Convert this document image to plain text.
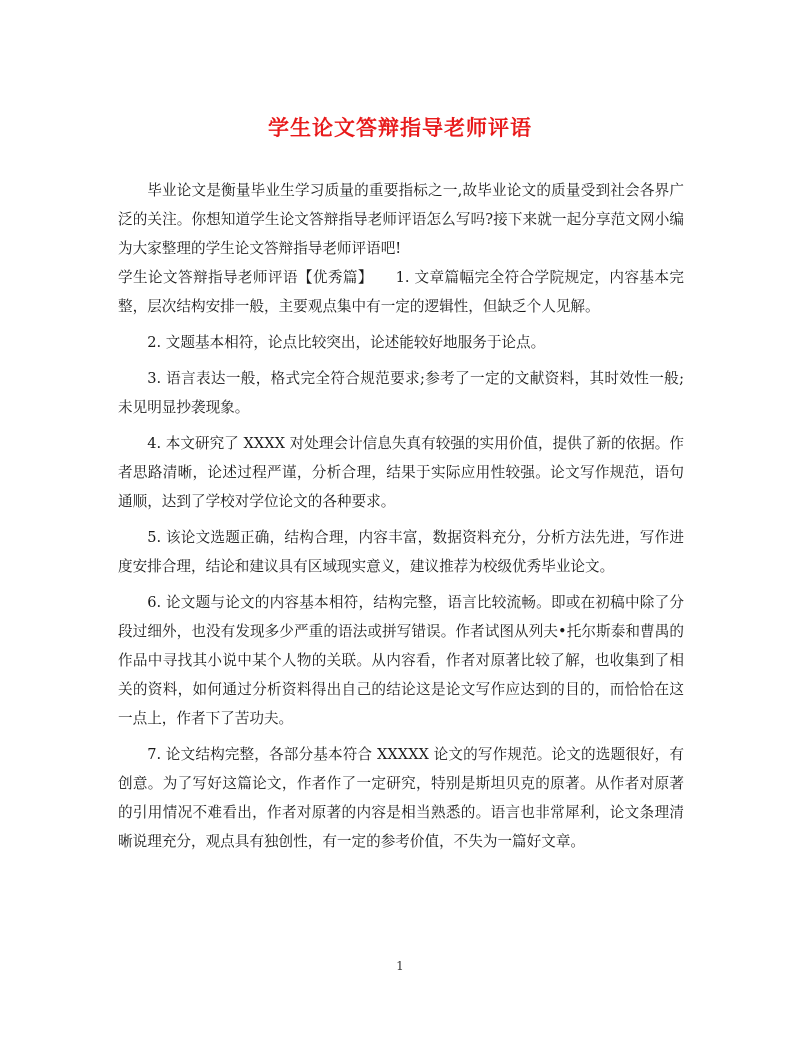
学生论文答辩指导老师评语

毕业论文是衡量毕业生学习质量的重要指标之一,故毕业论文的质量受到社会各界广泛的关注。你想知道学生论文答辩指导老师评语怎么写吗?接下来就一起分享范文网小编为大家整理的学生论文答辩指导老师评语吧!

学生论文答辩指导老师评语【优秀篇】　　 1. 文章篇幅完全符合学院规定，内容基本完整，层次结构安排一般，主要观点集中有一定的逻辑性，但缺乏个人见解。

2. 文题基本相符，论点比较突出，论述能较好地服务于论点。

3. 语言表达一般，格式完全符合规范要求;参考了一定的文献资料，其时效性一般;未见明显抄袭现象。

4. 本文研究了 XXXX 对处理会计信息失真有较强的实用价值，提供了新的依据。作者思路清晰，论述过程严谨，分析合理，结果于实际应用性较强。论文写作规范，语句通顺，达到了学校对学位论文的各种要求。

5. 该论文选题正确，结构合理，内容丰富，数据资料充分，分析方法先进，写作进度安排合理，结论和建议具有区域现实意义，建议推荐为校级优秀毕业论文。

6. 论文题与论文的内容基本相符，结构完整，语言比较流畅。即或在初稿中除了分段过细外，也没有发现多少严重的语法或拼写错误。作者试图从列夫•托尔斯泰和曹禺的作品中寻找其小说中某个人物的关联。从内容看，作者对原著比较了解，也收集到了相关的资料，如何通过分析资料得出自己的结论这是论文写作应达到的目的，而恰恰在这一点上，作者下了苦功夫。

7. 论文结构完整，各部分基本符合 XXXXX 论文的写作规范。论文的选题很好，有创意。为了写好这篇论文，作者作了一定研究，特别是斯坦贝克的原著。从作者对原著的引用情况不难看出，作者对原著的内容是相当熟悉的。语言也非常犀利，论文条理清晰说理充分，观点具有独创性，有一定的参考价值，不失为一篇好文章。

1
